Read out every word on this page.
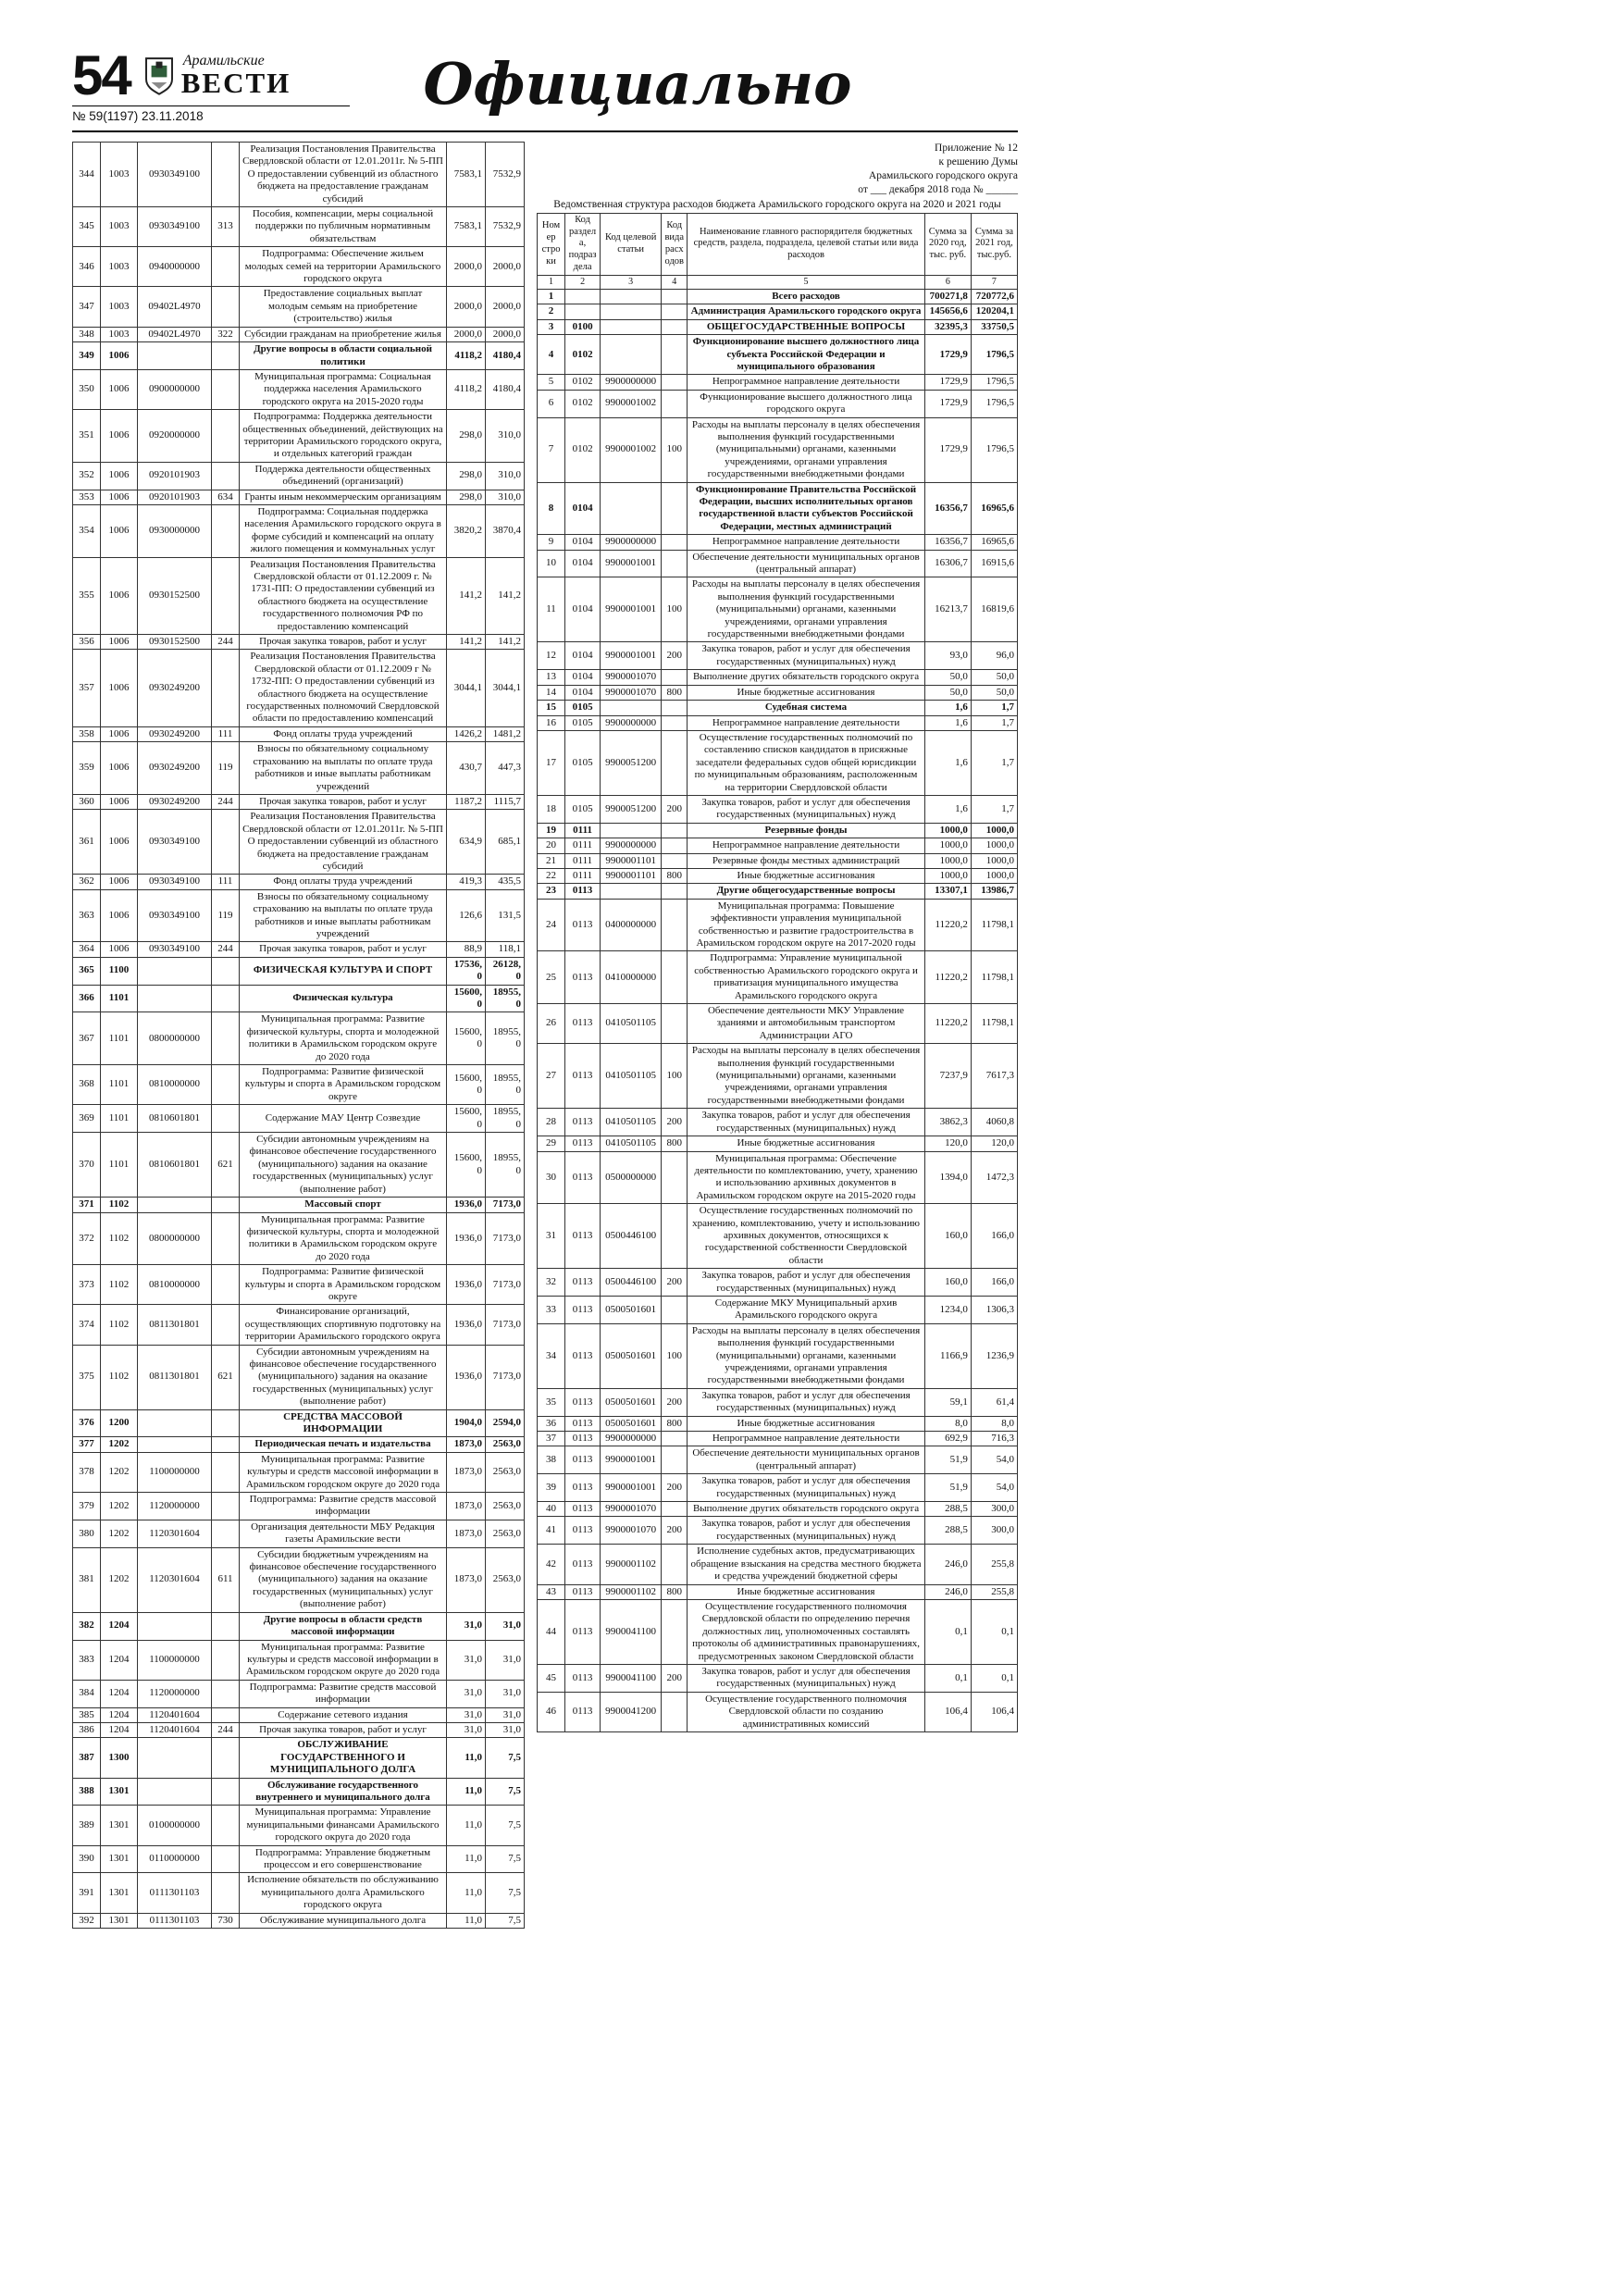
54	Арамильские
ВЕСТИ
№ 59(1197) 23.11.2018	Официально
344	1003	0930349100		Реализация Постановления Правительства Свердловской области от 12.01.2011г. № 5-ПП О предоставлении субвенций из областного бюджета на предоставление гражданам субсидий	7583,1	7532,9
345	1003	0930349100	313	Пособия, компенсации, меры социальной поддержки по публичным нормативным обязательствам	7583,1	7532,9
346	1003	0940000000		Подпрограмма: Обеспечение жильем молодых семей на территории Арамильского городского округа	2000,0	2000,0
347	1003	09402L4970		Предоставление социальных выплат молодым семьям на приобретение (строительство) жилья	2000,0	2000,0
348	1003	09402L4970	322	Субсидии гражданам на приобретение жилья	2000,0	2000,0
349	1006			Другие вопросы в области социальной политики	4118,2	4180,4
350	1006	0900000000		Муниципальная программа: Социальная поддержка населения Арамильского городского округа на 2015-2020 годы	4118,2	4180,4
351	1006	0920000000		Подпрограмма: Поддержка деятельности общественных объединений, действующих на территории Арамильского городского округа, и отдельных категорий граждан	298,0	310,0
352	1006	0920101903		Поддержка деятельности общественных объединений (организаций)	298,0	310,0
353	1006	0920101903	634	Гранты иным некоммерческим организациям	298,0	310,0
354	1006	0930000000		Подпрограмма: Социальная поддержка населения Арамильского городского округа в форме субсидий и компенсаций на оплату жилого помещения и коммунальных услуг	3820,2	3870,4
355	1006	0930152500		Реализация Постановления Правительства Свердловской области от 01.12.2009 г. № 1731-ПП: О предоставлении субвенций из областного бюджета на осуществление государственного полномочия РФ по предоставлению компенсаций	141,2	141,2
356	1006	0930152500	244	Прочая закупка товаров, работ и услуг	141,2	141,2
357	1006	0930249200		Реализация Постановления Правительства Свердловской области от 01.12.2009 г № 1732-ПП: О предоставлении субвенций из областного бюджета на осуществление государственных полномочий Свердловской области по предоставлению компенсаций	3044,1	3044,1
358	1006	0930249200	111	Фонд оплаты труда учреждений	1426,2	1481,2
359	1006	0930249200	119	Взносы по обязательному социальному страхованию на выплаты по оплате труда работников и иные выплаты работникам учреждений	430,7	447,3
360	1006	0930249200	244	Прочая закупка товаров, работ и услуг	1187,2	1115,7
361	1006	0930349100		Реализация Постановления Правительства Свердловской области от 12.01.2011г. № 5-ПП О предоставлении субвенций из областного бюджета на предоставление гражданам субсидий	634,9	685,1
362	1006	0930349100	111	Фонд оплаты труда учреждений	419,3	435,5
363	1006	0930349100	119	Взносы по обязательному социальному страхованию на выплаты по оплате труда работников и иные выплаты работникам учреждений	126,6	131,5
364	1006	0930349100	244	Прочая закупка товаров, работ и услуг	88,9	118,1
365	1100			ФИЗИЧЕСКАЯ КУЛЬТУРА И СПОРТ	17536,0	26128,0
366	1101			Физическая культура	15600,0	18955,0
367	1101	0800000000		Муниципальная программа: Развитие физической культуры, спорта и молодежной политики в Арамильском городском округе до 2020 года	15600,0	18955,0
368	1101	0810000000		Подпрограмма: Развитие физической культуры и спорта в Арамильском городском округе	15600,0	18955,0
369	1101	0810601801		Содержание МАУ Центр Созвездие	15600,0	18955,0
370	1101	0810601801	621	Субсидии автономным учреждениям на финансовое обеспечение государственного (муниципального) задания на оказание государственных (муниципальных) услуг (выполнение работ)	15600,0	18955,0
371	1102			Массовый спорт	1936,0	7173,0
372	1102	0800000000		Муниципальная программа: Развитие физической культуры, спорта и молодежной политики в Арамильском городском округе до 2020 года	1936,0	7173,0
373	1102	0810000000		Подпрограмма: Развитие физической культуры и спорта в Арамильском городском округе	1936,0	7173,0
374	1102	0811301801		Финансирование организаций, осуществляющих спортивную подготовку на территории Арамильского городского округа	1936,0	7173,0
375	1102	0811301801	621	Субсидии автономным учреждениям на финансовое обеспечение государственного (муниципального) задания на оказание государственных (муниципальных) услуг (выполнение работ)	1936,0	7173,0
376	1200			СРЕДСТВА МАССОВОЙ ИНФОРМАЦИИ	1904,0	2594,0
377	1202			Периодическая печать и издательства	1873,0	2563,0
378	1202	1100000000		Муниципальная программа: Развитие культуры и средств массовой информации в Арамильском городском округе до 2020 года	1873,0	2563,0
379	1202	1120000000		Подпрограмма: Развитие средств массовой информации	1873,0	2563,0
380	1202	1120301604		Организация деятельности МБУ Редакция газеты Арамильские вести	1873,0	2563,0
381	1202	1120301604	611	Субсидии бюджетным учреждениям на финансовое обеспечение государственного (муниципального) задания на оказание государственных (муниципальных) услуг (выполнение работ)	1873,0	2563,0
382	1204			Другие вопросы в области средств массовой информации	31,0	31,0
383	1204	1100000000		Муниципальная программа: Развитие культуры и средств массовой информации в Арамильском городском округе до 2020 года	31,0	31,0
384	1204	1120000000		Подпрограмма: Развитие средств массовой информации	31,0	31,0
385	1204	1120401604		Содержание сетевого издания	31,0	31,0
386	1204	1120401604	244	Прочая закупка товаров, работ и услуг	31,0	31,0
387	1300			ОБСЛУЖИВАНИЕ ГОСУДАРСТВЕННОГО И МУНИЦИПАЛЬНОГО ДОЛГА	11,0	7,5
388	1301			Обслуживание государственного внутреннего и муниципального долга	11,0	7,5
389	1301	0100000000		Муниципальная программа: Управление муниципальными финансами Арамильского городского округа до 2020 года	11,0	7,5
390	1301	0110000000		Подпрограмма: Управление бюджетным процессом и его совершенствование	11,0	7,5
391	1301	0111301103		Исполнение обязательств по обслуживанию муниципального долга Арамильского городского округа	11,0	7,5
392	1301	0111301103	730	Обслуживание муниципального долга	11,0	7,5
Приложение № 12
к решению Думы
Арамильского городского округа
от ___ декабря 2018 года № ______
Ведомственная структура расходов бюджета Арамильского городского округа на 2020 и 2021 годы
Номер строки	Код раздела, подраздела	Код целевой статьи	Код вида расходов	Наименование главного распорядителя бюджетных средств, раздела, подраздела, целевой статьи или вида расходов	Сумма за 2020 год, тыс. руб.	Сумма за 2021 год, тыс.руб.
1	2	3	4	5	6	7
1				Всего расходов	700271,8	720772,6
2				Администрация Арамильского городского округа	145656,6	120204,1
3	0100			ОБЩЕГОСУДАРСТВЕННЫЕ ВОПРОСЫ	32395,3	33750,5
4	0102			Функционирование высшего должностного лица субъекта Российской Федерации и муниципального образования	1729,9	1796,5
5	0102	9900000000		Непрограммное направление деятельности	1729,9	1796,5
6	0102	9900001002		Функционирование высшего должностного лица городского округа	1729,9	1796,5
7	0102	9900001002	100	Расходы на выплаты персоналу в целях обеспечения выполнения функций государственными (муниципальными) органами, казенными учреждениями, органами управления государственными внебюджетными фондами	1729,9	1796,5
8	0104			Функционирование Правительства Российской Федерации, высших исполнительных органов государственной власти субъектов Российской Федерации, местных администраций	16356,7	16965,6
9	0104	9900000000		Непрограммное направление деятельности	16356,7	16965,6
10	0104	9900001001		Обеспечение деятельности муниципальных органов (центральный аппарат)	16306,7	16915,6
11	0104	9900001001	100	Расходы на выплаты персоналу в целях обеспечения выполнения функций государственными (муниципальными) органами, казенными учреждениями, органами управления государственными внебюджетными фондами	16213,7	16819,6
12	0104	9900001001	200	Закупка товаров, работ и услуг для обеспечения государственных (муниципальных) нужд	93,0	96,0
13	0104	9900001070		Выполнение других обязательств городского округа	50,0	50,0
14	0104	9900001070	800	Иные бюджетные ассигнования	50,0	50,0
15	0105			Судебная система	1,6	1,7
16	0105	9900000000		Непрограммное направление деятельности	1,6	1,7
17	0105	9900051200		Осуществление государственных полномочий по составлению списков кандидатов в присяжные заседатели федеральных судов общей юрисдикции по муниципальным образованиям, расположенным на территории Свердловской области	1,6	1,7
18	0105	9900051200	200	Закупка товаров, работ и услуг для обеспечения государственных (муниципальных) нужд	1,6	1,7
19	0111			Резервные фонды	1000,0	1000,0
20	0111	9900000000		Непрограммное направление деятельности	1000,0	1000,0
21	0111	9900001101		Резервные фонды местных администраций	1000,0	1000,0
22	0111	9900001101	800	Иные бюджетные ассигнования	1000,0	1000,0
23	0113			Другие общегосударственные вопросы	13307,1	13986,7
24	0113	0400000000		Муниципальная программа: Повышение эффективности управления муниципальной собственностью и развитие градостроительства в Арамильском городском округе на 2017-2020 годы	11220,2	11798,1
25	0113	0410000000		Подпрограмма: Управление муниципальной собственностью Арамильского городского округа и приватизация муниципального имущества Арамильского городского округа	11220,2	11798,1
26	0113	0410501105		Обеспечение деятельности МКУ Управление зданиями и автомобильным транспортом Администрации АГО	11220,2	11798,1
27	0113	0410501105	100	Расходы на выплаты персоналу в целях обеспечения выполнения функций государственными (муниципальными) органами, казенными учреждениями, органами управления государственными внебюджетными фондами	7237,9	7617,3
28	0113	0410501105	200	Закупка товаров, работ и услуг для обеспечения государственных (муниципальных) нужд	3862,3	4060,8
29	0113	0410501105	800	Иные бюджетные ассигнования	120,0	120,0
30	0113	0500000000		Муниципальная программа: Обеспечение деятельности по комплектованию, учету, хранению и использованию архивных документов в Арамильском городском округе на 2015-2020 годы	1394,0	1472,3
31	0113	0500446100		Осуществление государственных полномочий по хранению, комплектованию, учету и использованию архивных документов, относящихся к государственной собственности Свердловской области	160,0	166,0
32	0113	0500446100	200	Закупка товаров, работ и услуг для обеспечения государственных (муниципальных) нужд	160,0	166,0
33	0113	0500501601		Содержание МКУ Муниципальный архив Арамильского городского округа	1234,0	1306,3
34	0113	0500501601	100	Расходы на выплаты персоналу в целях обеспечения выполнения функций государственными (муниципальными) органами, казенными учреждениями, органами управления государственными внебюджетными фондами	1166,9	1236,9
35	0113	0500501601	200	Закупка товаров, работ и услуг для обеспечения государственных (муниципальных) нужд	59,1	61,4
36	0113	0500501601	800	Иные бюджетные ассигнования	8,0	8,0
37	0113	9900000000		Непрограммное направление деятельности	692,9	716,3
38	0113	9900001001		Обеспечение деятельности муниципальных органов (центральный аппарат)	51,9	54,0
39	0113	9900001001	200	Закупка товаров, работ и услуг для обеспечения государственных (муниципальных) нужд	51,9	54,0
40	0113	9900001070		Выполнение других обязательств городского округа	288,5	300,0
41	0113	9900001070	200	Закупка товаров, работ и услуг для обеспечения государственных (муниципальных) нужд	288,5	300,0
42	0113	9900001102		Исполнение судебных актов, предусматривающих обращение взыскания на средства местного бюджета и средства учреждений бюджетной сферы	246,0	255,8
43	0113	9900001102	800	Иные бюджетные ассигнования	246,0	255,8
44	0113	9900041100		Осуществление государственного полномочия Свердловской области по определению перечня должностных лиц, уполномоченных составлять протоколы об административных правонарушениях, предусмотренных законом Свердловской области	0,1	0,1
45	0113	9900041100	200	Закупка товаров, работ и услуг для обеспечения государственных (муниципальных) нужд	0,1	0,1
46	0113	9900041200		Осуществление государственного полномочия Свердловской области по созданию административных комиссий	106,4	106,4
